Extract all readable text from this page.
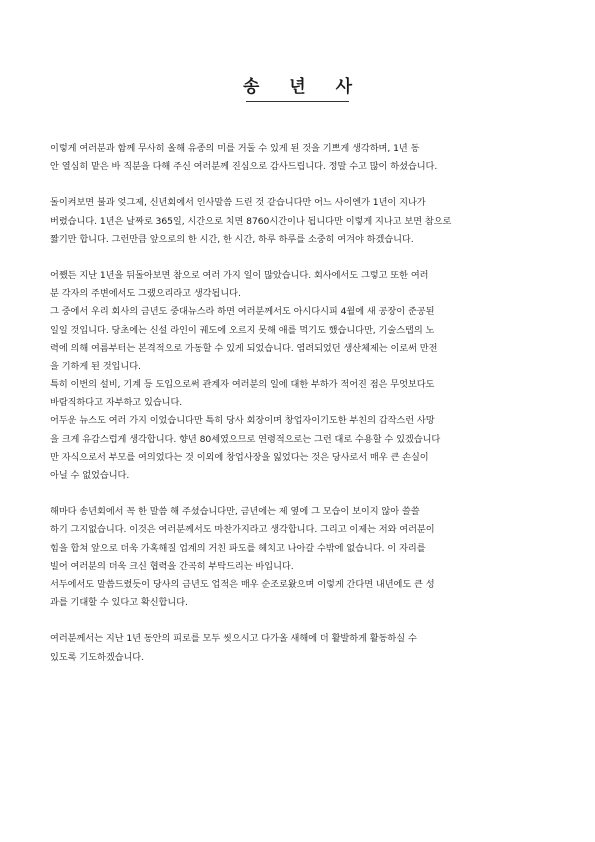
송 년 사

이렇게 여러분과 함께 무사히 올해 유종의 미를 거둘 수 있게 된 것을 기쁘게 생각하며, 1년 동
안 열심히 맡은 바 직분을 다해 주신 여러분께 진심으로 감사드립니다. 정말 수고 많이 하셨습니다.

돌이켜보면 불과 엊그제, 신년회에서 인사말씀 드린 것 같습니다만 어느 사이엔가 1년이 지나가
버렸습니다. 1년은 날짜로 365일, 시간으로 치면 8760시간이나 됩니다만 이렇게 지나고 보면 참으로
짧기만 합니다. 그런만큼 앞으로의 한 시간, 한 시간, 하루 하루를 소중히 여겨야 하겠습니다.

어쨌든 지난 1년을 뒤돌아보면 참으로 여러 가지 일이 많았습니다. 회사에서도 그렇고 또한 여러
분 각자의 주변에서도 그랬으리라고 생각됩니다.
그 중에서 우리 회사의 금년도 중대뉴스라 하면 여러분께서도 아시다시피 4월에 새 공장이 준공된
일일 것입니다. 당초에는 신설 라인이 궤도에 오르지 못해 애를 먹기도 했습니다만, 기술스탭의 노
력에 의해 여름부터는 본격적으로 가동할 수 있게 되었습니다. 염려되었던 생산체제는 이로써 만전
을 기하게 된 것입니다.
특히 이번의 설비, 기계 등 도입으로써 관계자 여러분의 일에 대한 부하가 적어진 점은 무엇보다도
바람직하다고 자부하고 있습니다.
어두운 뉴스도 여러 가지 이었습니다만 특히 당사 회장이며 창업자이기도한 부친의 갑작스런 사망
을 크게 유감스럽게 생각합니다. 향년 80세였으므로 연령적으로는 그런 대로 수용할 수 있겠습니다
만 자식으로서 부모를 여의었다는 것 이외에 창업사장을 잃었다는 것은 당사로서 매우 큰 손실이
아닐 수 없었습니다.

해마다 송년회에서 꼭 한 말씀 해 주셨습니다만, 금년에는 제 옆에 그 모습이 보이지 않아 쓸쓸
하기 그지없습니다. 이것은 여러분께서도 마찬가지라고 생각합니다. 그리고 이제는 저와 여러분이
힘을 합쳐 앞으로 더욱 가혹해질 업계의 거친 파도를 헤치고 나아갈 수밖에 없습니다. 이 자리를
빌어 여러분의 더욱 크신 협력을 간곡히 부탁드리는 바입니다.
서두에서도 말씀드렸듯이 당사의 금년도 업적은 매우 순조로왔으며 이렇게 간다면 내년에도 큰 성
과를 기대할 수 있다고 확신합니다.

여러분께서는 지난 1년 동안의 피로를 모두 씻으시고 다가올 새해에 더 활발하게 활동하실 수
있도록 기도하겠습니다.
